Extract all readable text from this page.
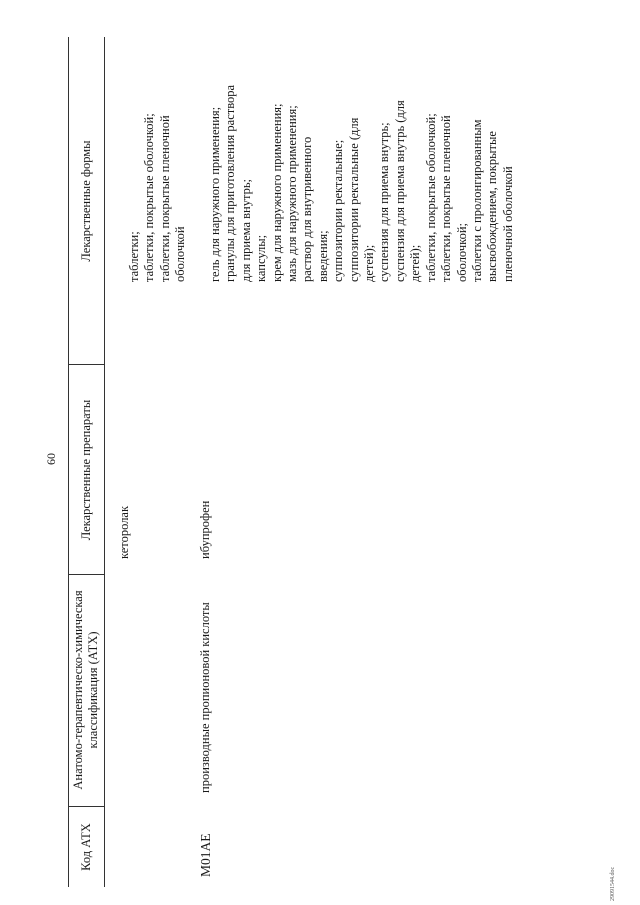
60
Код АТХ
Анатомо-терапевтическо-химическая классификация (АТХ)
Лекарственные препараты
Лекарственные формы
кеторолак
таблетки; таблетки, покрытые оболочкой; таблетки, покрытые пленочной оболочкой
M01AE
производные пропионовой кислоты
ибупрофен
гель для наружного применения; гранулы для приготовления раствора для приема внутрь; капсулы; крем для наружного применения; мазь для наружного применения; раствор для внутривенного введения; суппозитории ректальные; суппозитории ректальные (для детей); суспензия для приема внутрь; суспензия для приема внутрь (для детей); таблетки, покрытые оболочкой; таблетки, покрытые пленочной оболочкой; таблетки с пролонгированным высвобождением, покрытые пленочной оболочкой
29091544.doc
